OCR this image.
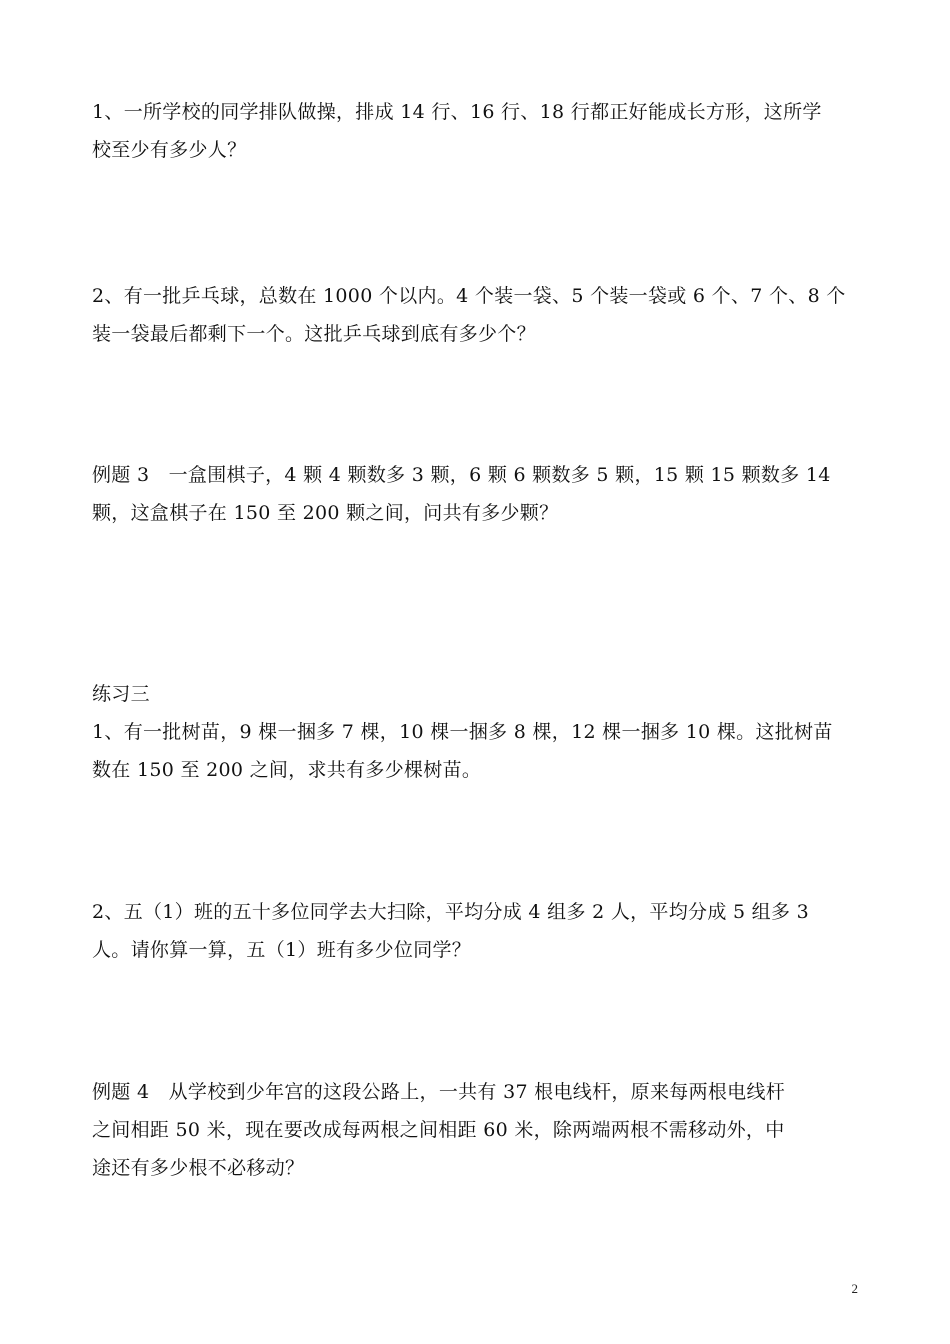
1、一所学校的同学排队做操，排成 14 行、16 行、18 行都正好能成长方形，这所学
校至少有多少人？
2、有一批乒乓球，总数在 1000 个以内。4 个装一袋、5 个装一袋或 6 个、7 个、8 个
装一袋最后都剩下一个。这批乒乓球到底有多少个？
例题 3　一盒围棋子，4 颗 4 颗数多 3 颗，6 颗 6 颗数多 5 颗，15 颗 15 颗数多 14
颗，这盒棋子在 150 至 200 颗之间，问共有多少颗？
练习三
1、有一批树苗，9 棵一捆多 7 棵，10 棵一捆多 8 棵，12 棵一捆多 10 棵。这批树苗
数在 150 至 200 之间，求共有多少棵树苗。
2、五（1）班的五十多位同学去大扫除，平均分成 4 组多 2 人，平均分成 5 组多 3
人。请你算一算，五（1）班有多少位同学？
例题 4　从学校到少年宫的这段公路上，一共有 37 根电线杆，原来每两根电线杆
之间相距 50 米，现在要改成每两根之间相距 60 米，除两端两根不需移动外，中
途还有多少根不必移动？
2
